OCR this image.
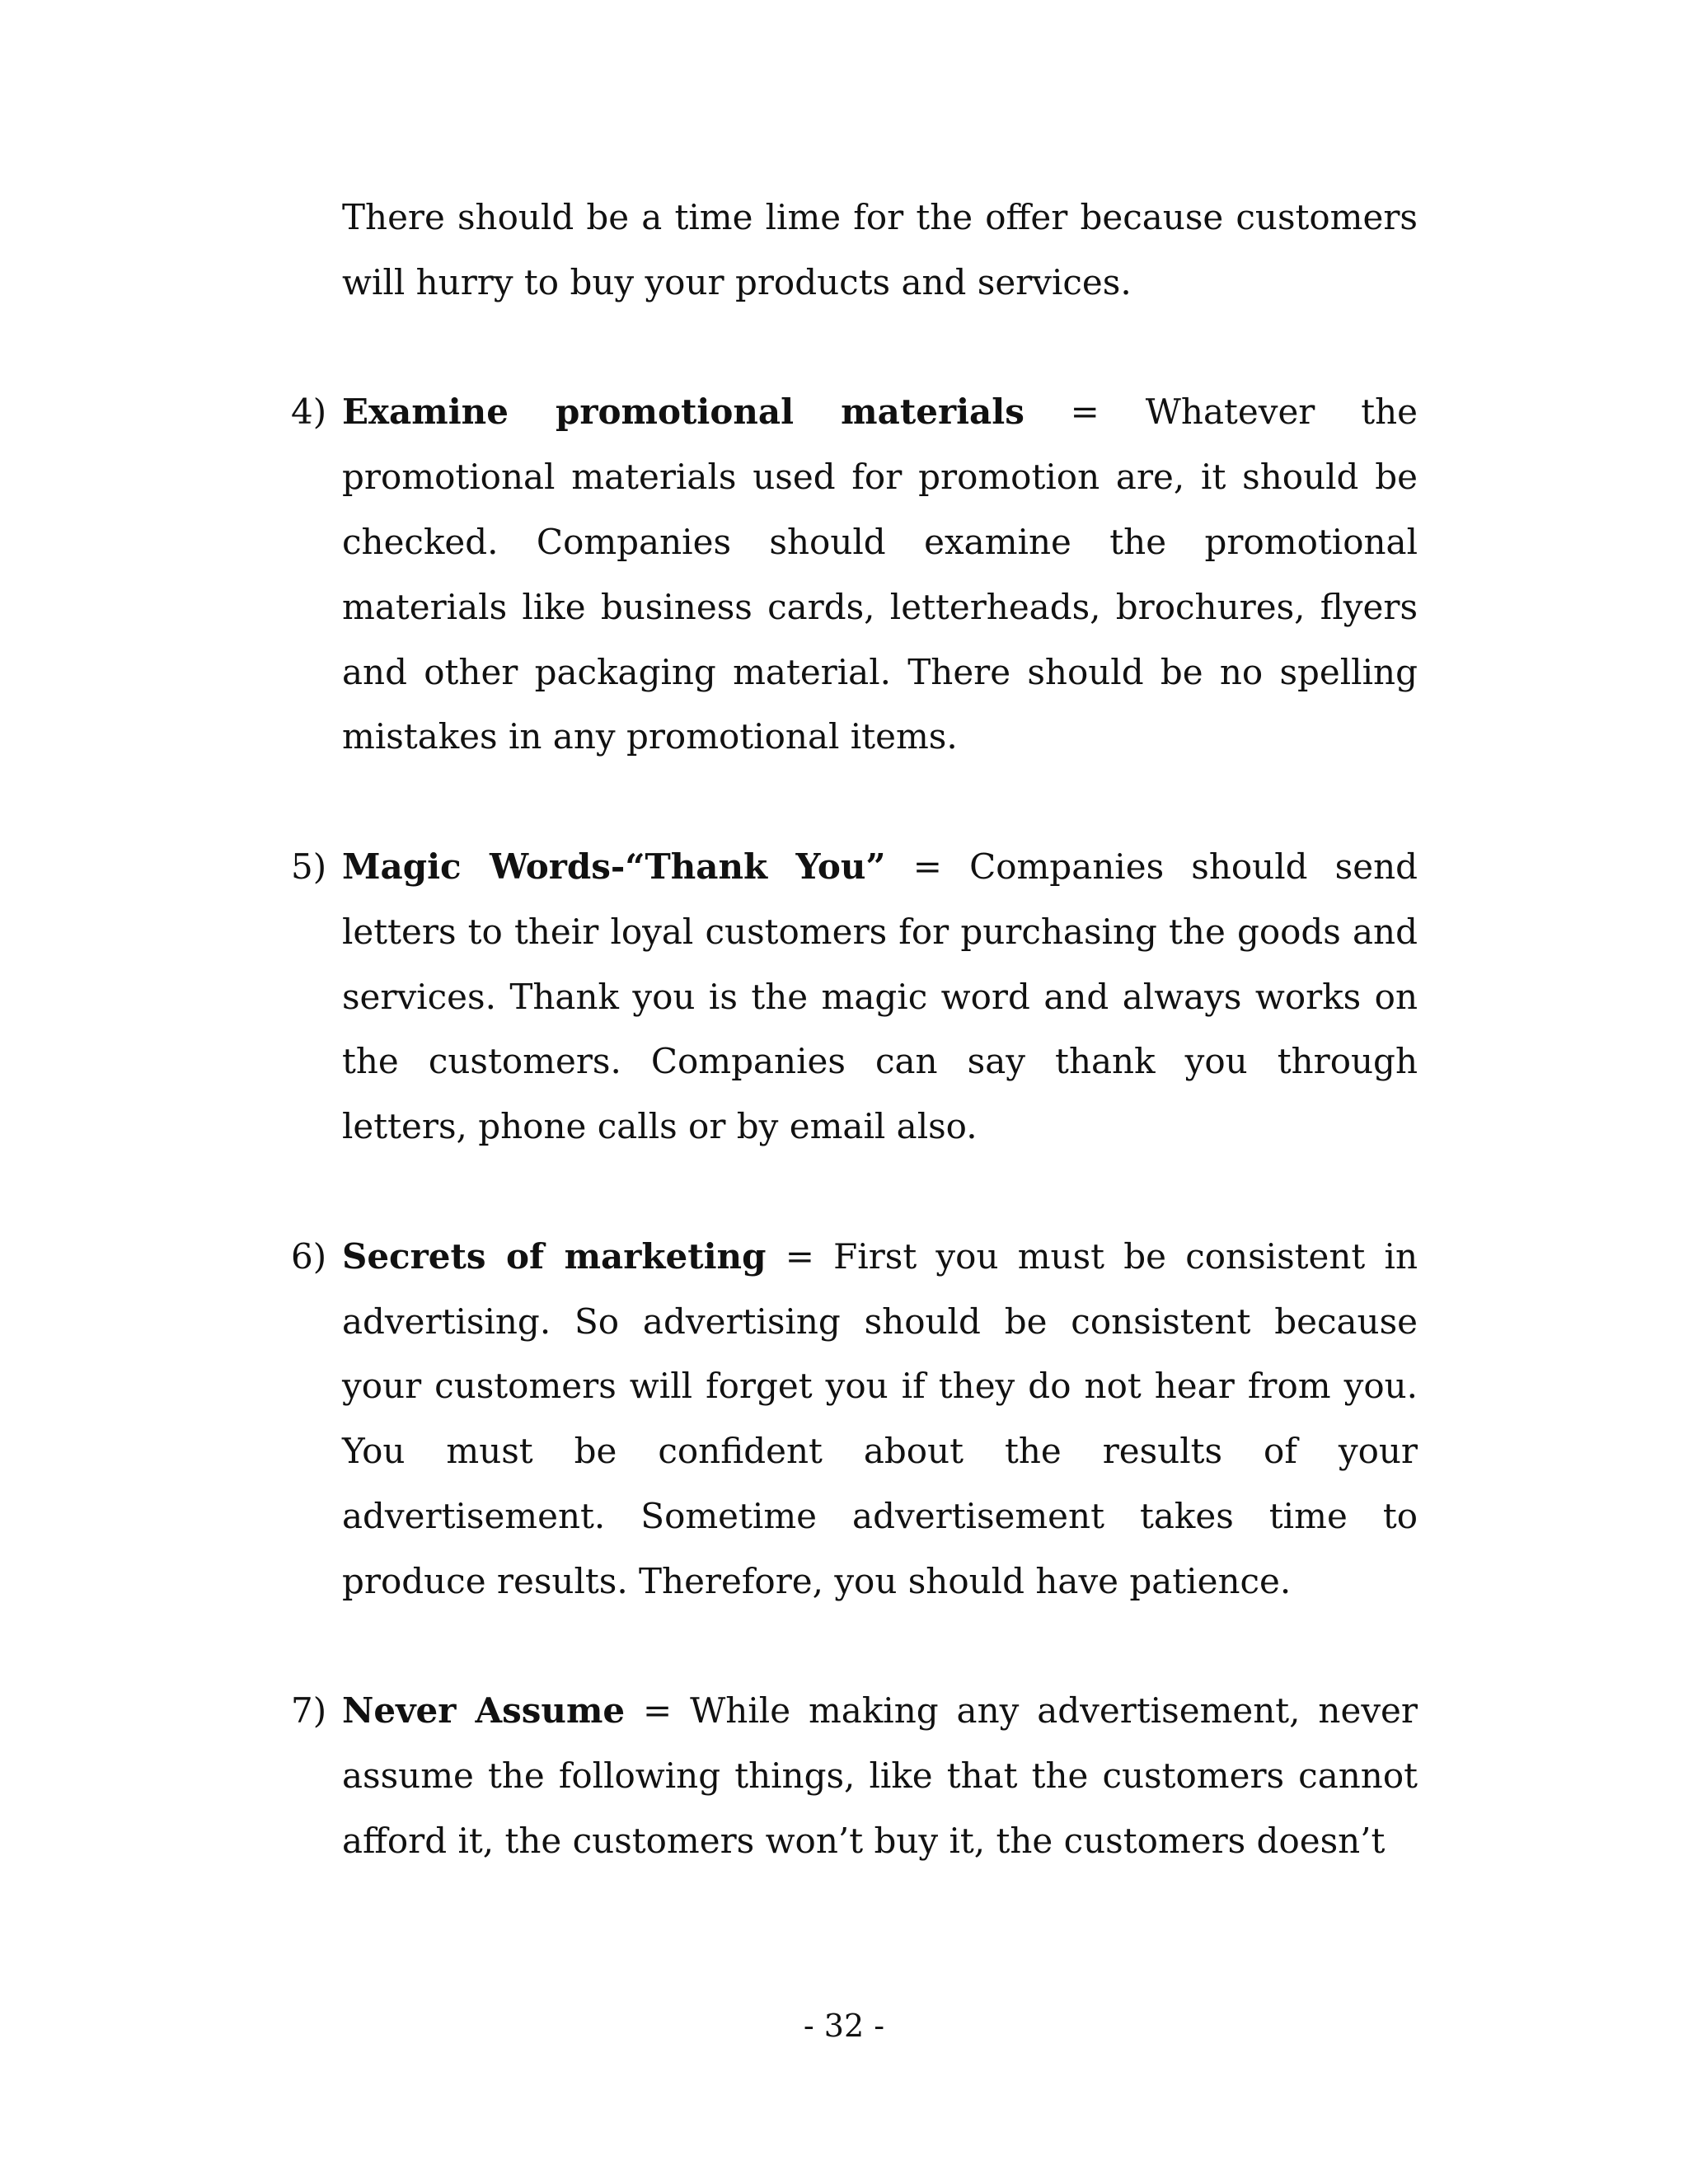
There should be a time lime for the offer because customers will hurry to buy your products and services.

4) Examine promotional materials = Whatever the promotional materials used for promotion are, it should be checked. Companies should examine the promotional materials like business cards, letterheads, brochures, flyers and other packaging material. There should be no spelling mistakes in any promotional items.

5) Magic Words-“Thank You” = Companies should send letters to their loyal customers for purchasing the goods and services. Thank you is the magic word and always works on the customers. Companies can say thank you through letters, phone calls or by email also.

6) Secrets of marketing = First you must be consistent in advertising. So advertising should be consistent because your customers will forget you if they do not hear from you. You must be confident about the results of your advertisement. Sometime advertisement takes time to produce results. Therefore, you should have patience.

7) Never Assume = While making any advertisement, never assume the following things, like that the customers cannot afford it, the customers won’t buy it, the customers doesn’t

- 32 -
